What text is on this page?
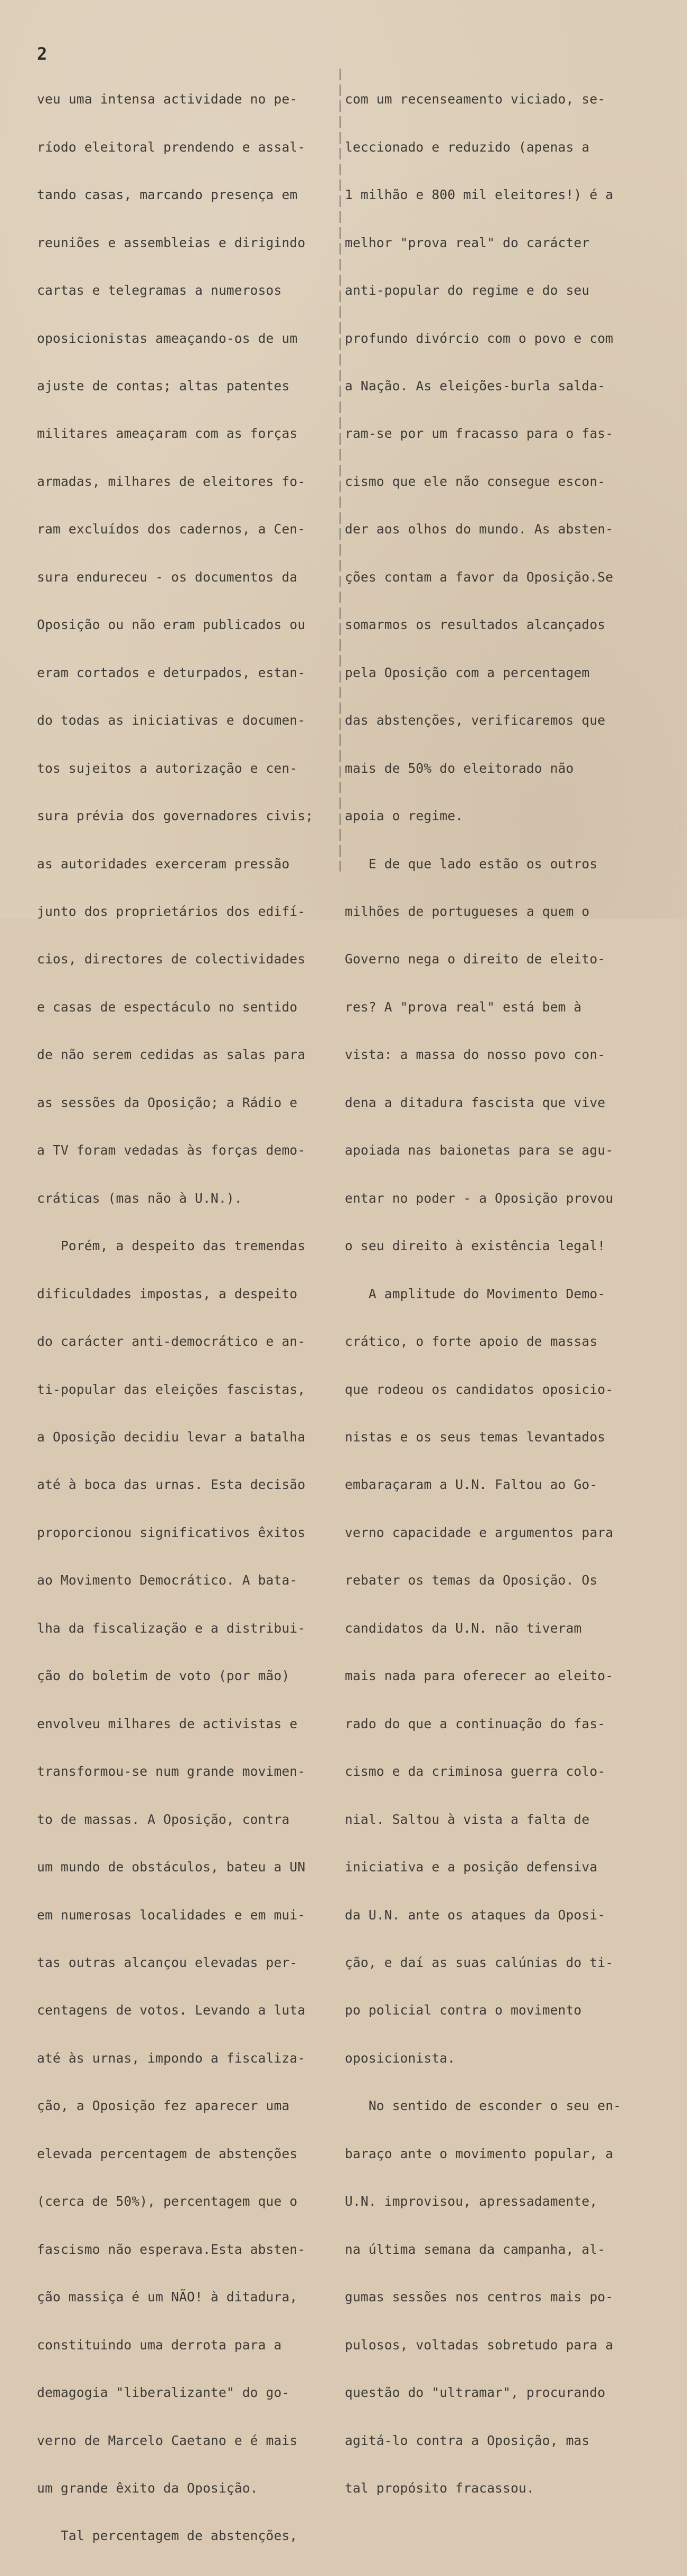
2

veu uma intensa actividade no pe-

ríodo eleitoral prendendo e assal-

tando casas, marcando presença em

reuniões e assembleias e dirigindo

cartas e telegramas a numerosos

oposicionistas ameaçando-os de um

ajuste de contas; altas patentes

militares ameaçaram com as forças

armadas, milhares de eleitores fo-

ram excluídos dos cadernos, a Cen-

sura endureceu - os documentos da

Oposição ou não eram publicados ou

eram cortados e deturpados, estan-

do todas as iniciativas e documen-

tos sujeitos a autorização e cen-

sura prévia dos governadores civis;

as autoridades exerceram pressão

junto dos proprietários dos edifí-

cios, directores de colectividades

e casas de espectáculo no sentido

de não serem cedidas as salas para

as sessões da Oposição; a Rádio e

a TV foram vedadas às forças demo-

cráticas (mas não à U.N.).

Porém, a despeito das tremendas

dificuldades impostas, a despeito

do carácter anti-democrático e an-

ti-popular das eleições fascistas,

a Oposição decidiu levar a batalha

até à boca das urnas. Esta decisão

proporcionou significativos êxitos

ao Movimento Democrático. A bata-

lha da fiscalização e a distribui-

ção do boletim de voto (por mão)

envolveu milhares de activistas e

transformou-se num grande movimen-

to de massas. A Oposição, contra

um mundo de obstáculos, bateu a UN

em numerosas localidades e em mui-

tas outras alcançou elevadas per-

centagens de votos. Levando a luta

até às urnas, impondo a fiscaliza-

ção, a Oposição fez aparecer uma

elevada percentagem de abstenções

(cerca de 50%), percentagem que o

fascismo não esperava.Esta absten-

ção massiça é um NÃO! à ditadura,

constituindo uma derrota para a

demagogia "liberalizante" do go-

verno de Marcelo Caetano e é mais

um grande êxito da Oposição.

Tal percentagem de abstenções,

com um recenseamento viciado, se-

leccionado e reduzido (apenas a

1 milhão e 800 mil eleitores!) é a

melhor "prova real" do carácter

anti-popular do regime e do seu

profundo divórcio com o povo e com

a Nação. As eleições-burla salda-

ram-se por um fracasso para o fas-

cismo que ele não consegue escon-

der aos olhos do mundo. As absten-

ções contam a favor da Oposição.Se

somarmos os resultados alcançados

pela Oposição com a percentagem

das abstenções, verificaremos que

mais de 50% do eleitorado não

apoia o regime.

E de que lado estão os outros

milhões de portugueses a quem o

Governo nega o direito de eleito-

res? A "prova real" está bem à

vista: a massa do nosso povo con-

dena a ditadura fascista que vive

apoiada nas baionetas para se agu-

entar no poder - a Oposição provou

o seu direito à existência legal!

A amplitude do Movimento Demo-

crático, o forte apoio de massas

que rodeou os candidatos oposicio-

nistas e os seus temas levantados

embaraçaram a U.N. Faltou ao Go-

verno capacidade e argumentos para

rebater os temas da Oposição. Os

candidatos da U.N. não tiveram

mais nada para oferecer ao eleito-

rado do que a continuação do fas-

cismo e da criminosa guerra colo-

nial. Saltou à vista a falta de

iniciativa e a posição defensiva

da U.N. ante os ataques da Oposi-

ção, e daí as suas calúnias do ti-

po policial contra o movimento

oposicionista.

No sentido de esconder o seu en-

baraço ante o movimento popular, a

U.N. improvisou, apressadamente,

na última semana da campanha, al-

gumas sessões nos centros mais po-

pulosos, voltadas sobretudo para a

questão do "ultramar", procurando

agitá-lo contra a Oposição, mas

tal propósito fracassou.
